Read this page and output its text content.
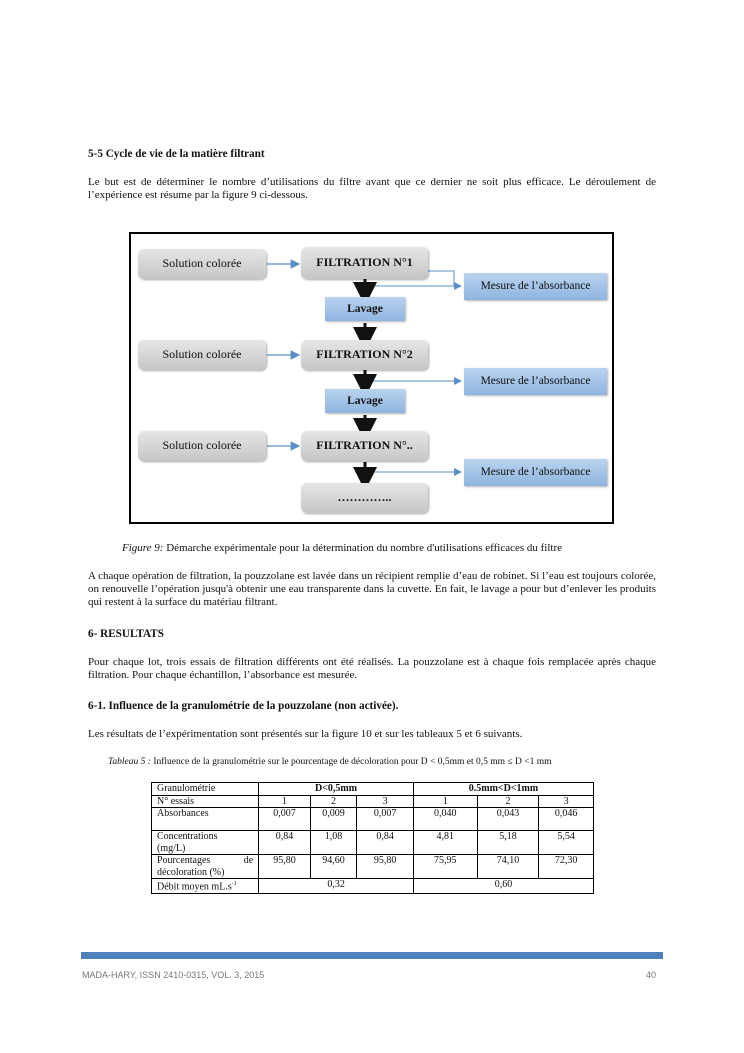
5-5 Cycle de vie de la matière filtrant
Le but est de déterminer le nombre d’utilisations du filtre avant que ce dernier ne soit plus efficace. Le déroulement de l’expérience est résume par la figure 9 ci-dessous.
Solution colorée	FILTRATION N°1
Mesure de l’absorbance
Lavage
Solution colorée	FILTRATION N°2
Mesure de l’absorbance
Lavage
Solution colorée	FILTRATION N°..
Mesure de l’absorbance
…………..
Figure 9: Démarche expérimentale pour la détermination du nombre d'utilisations efficaces du filtre
A chaque opération de filtration, la pouzzolane est lavée dans un récipient remplie d’eau de robinet. Si l’eau est toujours colorée, on renouvelle l’opération jusqu'à obtenir une eau transparente dans la cuvette. En fait, le lavage a pour but d’enlever les produits qui restent à la surface du matériau filtrant.
6- RESULTATS
Pour chaque lot, trois essais de filtration différents ont été réalisés. La pouzzolane est à chaque fois remplacée après chaque filtration. Pour chaque échantillon, l’absorbance est mesurée.
6-1. Influence de la granulométrie de la pouzzolane (non activée).
Les résultats de l’expérimentation sont présentés sur la figure 10 et sur les tableaux 5 et 6 suivants.
Tableau 5 : Influence de la granulométrie sur le pourcentage de décoloration pour D < 0,5mm et 0,5 mm ≤ D <1 mm
Granulométrie	D<0,5mm			0.5mm<D<1mm		
N° essais	1	2	3	1	2	3
Absorbances	0,007	0,009	0,007	0,040	0,043	0,046

Concentrations
(mg/L)	0,84	1,08	0,84	4,81	5,18	5,54

Pourcentages de
décoloration (%)	95,80	94,60	95,80	75,95	74,10	72,30
Débit moyen $mL.s^{-1}$	0,32			0,60		
MADA-HARY, ISSN 2410-0315, VOL. 3, 2015	40
